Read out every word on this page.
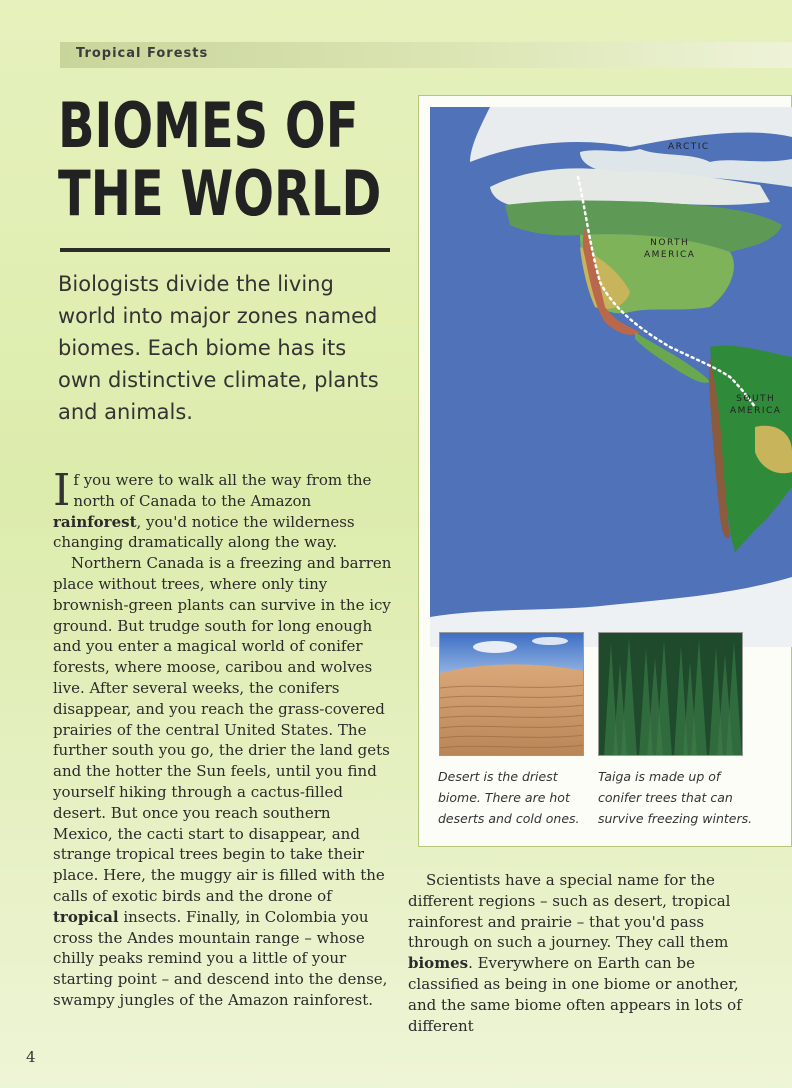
Tropical Forests
BIOMES OF
THE WORLD
Biologists divide the living world into major zones named biomes. Each biome has its own distinctive climate, plants and animals.

If you were to walk all the way from the north of Canada to the Amazon rainforest, you'd notice the wilderness changing dramatically along the way.

Northern Canada is a freezing and barren place without trees, where only tiny brownish-green plants can survive in the icy ground. But trudge south for long enough and you enter a magical world of conifer forests, where moose, caribou and wolves live. After several weeks, the conifers disappear, and you reach the grass-covered prairies of the central United States. The further south you go, the drier the land gets and the hotter the Sun feels, until you find yourself hiking through a cactus-filled desert. But once you reach southern Mexico, the cacti start to disappear, and strange tropical trees begin to take their place. Here, the muggy air is filled with the calls of exotic birds and the drone of tropical insects. Finally, in Colombia you cross the Andes mountain range – whose chilly peaks remind you a little of your starting point – and descend into the dense, swampy jungles of the Amazon rainforest.

ARCTIC
NORTH
AMERICA
SOUTH
AMERICA
Desert is the driest biome. There are hot deserts and cold ones.
Taiga is made up of conifer trees that can survive freezing winters.

Scientists have a special name for the different regions – such as desert, tropical rainforest and prairie – that you'd pass through on such a journey. They call them biomes. Everywhere on Earth can be classified as being in one biome or another, and the same biome often appears in lots of different

4
